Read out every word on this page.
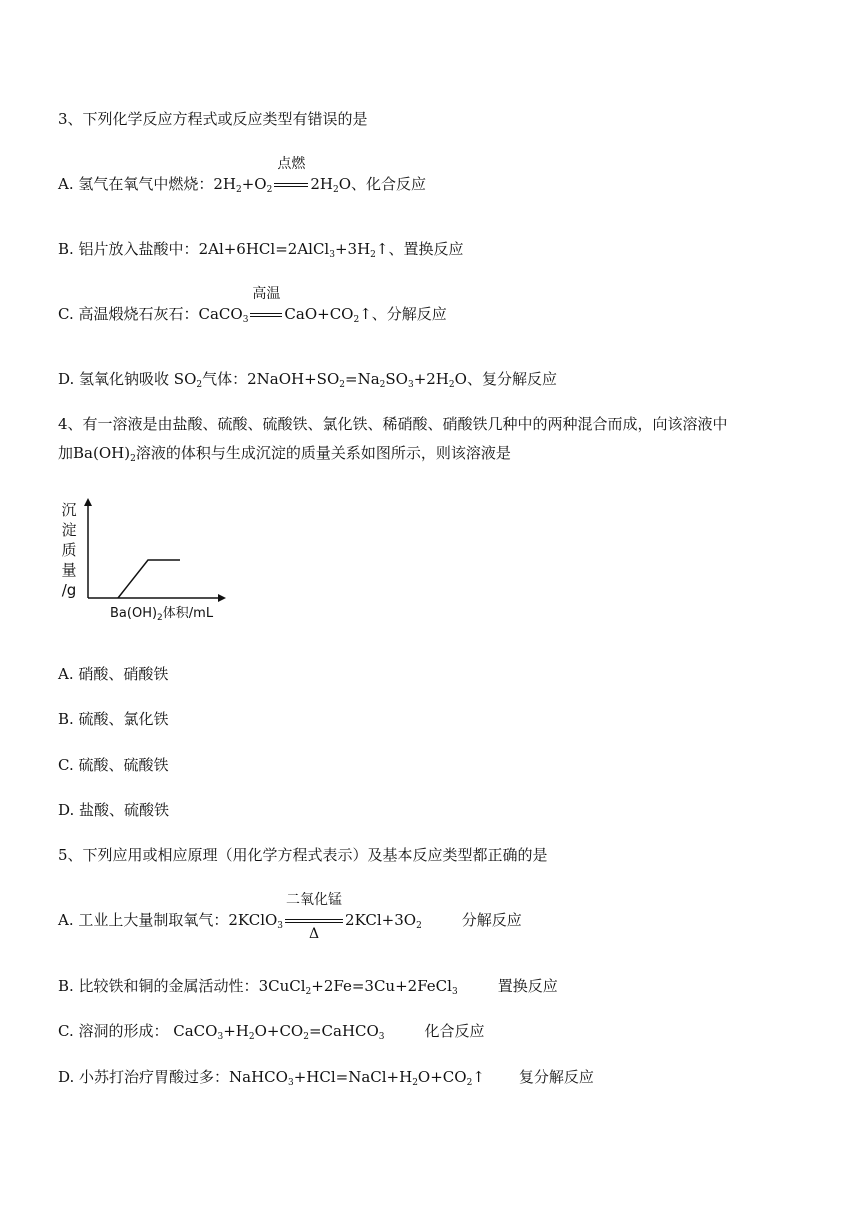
3、下列化学反应方程式或反应类型有错误的是
A. 氢气在氧气中燃烧：$2H_2+O_2$
点燃
$2H_2O$、化合反应
B. 铝片放入盐酸中：$2Al+6HCl=2AlCl_3+3H_2↑$、置换反应
C. 高温煅烧石灰石：CaCO$_3$
高温
$CaO+CO_2↑$、分解反应
D. 氢氧化钠吸收 $SO_2$气体：$2NaOH+SO_2=Na_2SO_3+2H_2O$、复分解反应
4、有一溶液是由盐酸、硫酸、硫酸铁、氯化铁、稀硝酸、硝酸铁几种中的两种混合而成，向该溶液中
加$Ba(OH)_2$溶液的体积与生成沉淀的质量关系如图所示，则该溶液是
沉
淀
质
量
/g
$Ba(OH)_2$体积/mL
A. 硝酸、硝酸铁
B. 硫酸、氯化铁
C. 硫酸、硫酸铁
D. 盐酸、硫酸铁
5、下列应用或相应原理（用化学方程式表示）及基本反应类型都正确的是
A. 工业上大量制取氧气：2KClO$_3$
二氧化锰
Δ
$2KCl+3O_2$	分解反应
B. 比较铁和铜的金属活动性：3CuCl$_2$+2Fe=3Cu+2FeCl$_3$	置换反应
C. 溶洞的形成： $CaCO_3+H_2O+CO_2=CaHCO_3$	化合反应
D. 小苏打治疗胃酸过多：$NaHCO_3+HCl=NaCl+H_2O+CO_2↑$ 复分解反应
